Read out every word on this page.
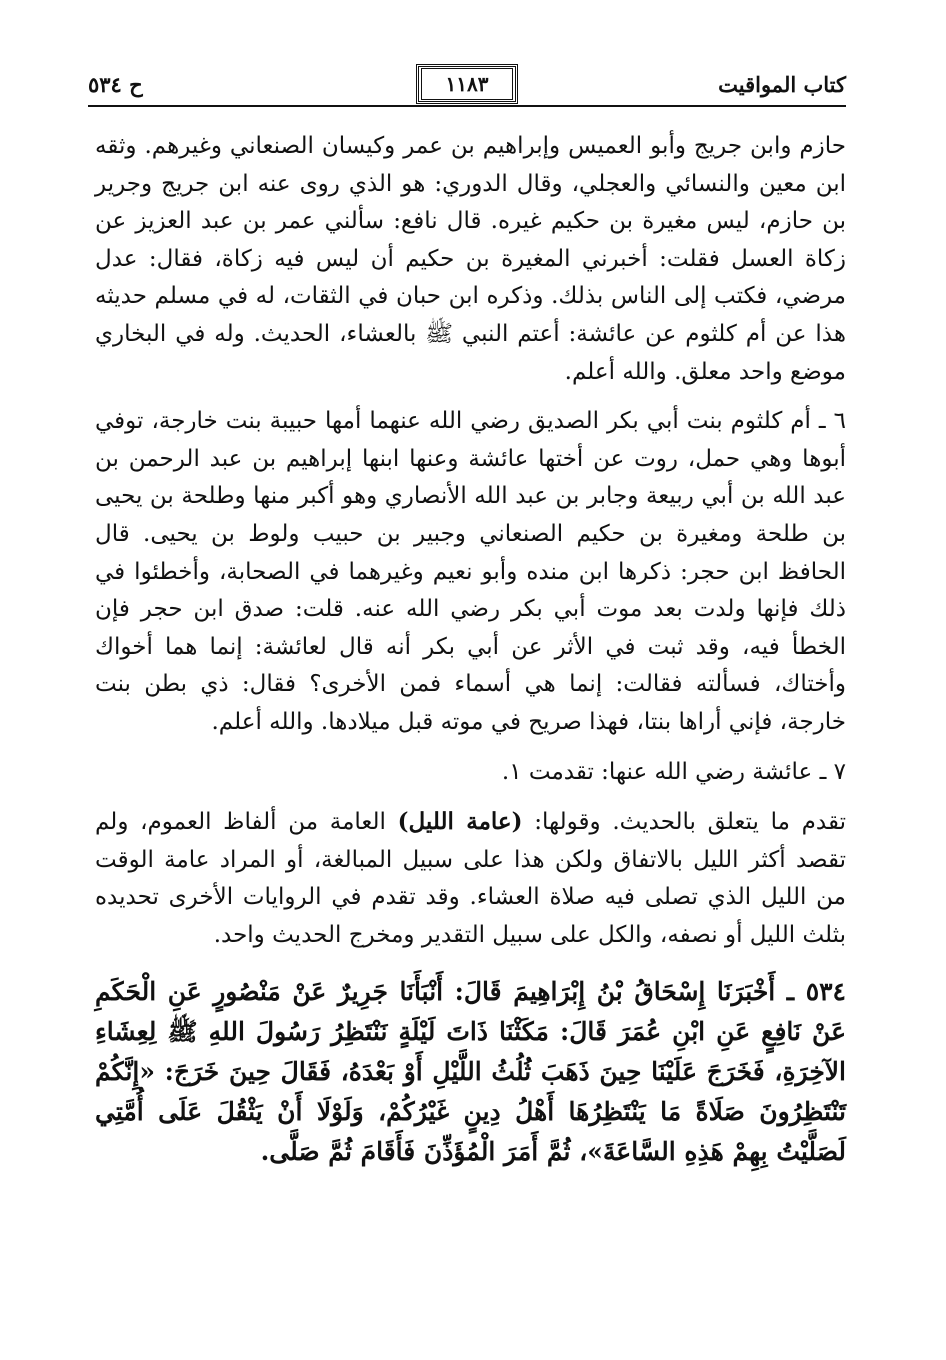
كتاب المواقيت
١١٨٣
ح ٥٣٤

حازم وابن جريج وأبو العميس وإبراهيم بن عمر وكيسان الصنعاني وغيرهم. وثقه ابن معين والنسائي والعجلي، وقال الدوري: هو الذي روى عنه ابن جريج وجرير بن حازم، ليس مغيرة بن حكيم غيره. قال نافع: سألني عمر بن عبد العزيز عن زكاة العسل فقلت: أخبرني المغيرة بن حكيم أن ليس فيه زكاة، فقال: عدل مرضي، فكتب إلى الناس بذلك. وذكره ابن حبان في الثقات، له في مسلم حديثه هذا عن أم كلثوم عن عائشة: أعتم النبي ﷺ بالعشاء، الحديث. وله في البخاري موضع واحد معلق. والله أعلم.

٦ ـ أم كلثوم بنت أبي بكر الصديق رضي الله عنهما أمها حبيبة بنت خارجة، توفي أبوها وهي حمل، روت عن أختها عائشة وعنها ابنها إبراهيم بن عبد الرحمن بن عبد الله بن أبي ربيعة وجابر بن عبد الله الأنصاري وهو أكبر منها وطلحة بن يحيى بن طلحة ومغيرة بن حكيم الصنعاني وجبير بن حبيب ولوط بن يحيى. قال الحافظ ابن حجر: ذكرها ابن منده وأبو نعيم وغيرهما في الصحابة، وأخطئوا في ذلك فإنها ولدت بعد موت أبي بكر رضي الله عنه. قلت: صدق ابن حجر فإن الخطأ فيه، وقد ثبت في الأثر عن أبي بكر أنه قال لعائشة: إنما هما أخواك وأختاك، فسألته فقالت: إنما هي أسماء فمن الأخرى؟ فقال: ذي بطن بنت خارجة، فإني أراها بنتا، فهذا صريح في موته قبل ميلادها. والله أعلم.

٧ ـ عائشة رضي الله عنها: تقدمت ١.

تقدم ما يتعلق بالحديث. وقولها: (عامة الليل) العامة من ألفاظ العموم، ولم تقصد أكثر الليل بالاتفاق ولكن هذا على سبيل المبالغة، أو المراد عامة الوقت من الليل الذي تصلى فيه صلاة العشاء. وقد تقدم في الروايات الأخرى تحديده بثلث الليل أو نصفه، والكل على سبيل التقدير ومخرج الحديث واحد.

٥٣٤ ـ أَخْبَرَنَا إِسْحَاقُ بْنُ إِبْرَاهِيمَ قَالَ: أَنْبَأَنَا جَرِيرٌ عَنْ مَنْصُورٍ عَنِ الْحَكَمِ عَنْ نَافِعٍ عَنِ ابْنِ عُمَرَ قَالَ: مَكَثْنَا ذَاتَ لَيْلَةٍ نَنْتَظِرُ رَسُولَ اللهِ ﷺ لِعِشَاءِ الآخِرَةِ، فَخَرَجَ عَلَيْنَا حِينَ ذَهَبَ ثُلُثُ اللَّيْلِ أَوْ بَعْدَهُ، فَقَالَ حِينَ خَرَجَ: «إِنَّكُمْ تَنْتَظِرُونَ صَلَاةً مَا يَنْتَظِرُهَا أَهْلُ دِينٍ غَيْرُكُمْ، وَلَوْلَا أَنْ يَثْقُلَ عَلَى أُمَّتِي لَصَلَّيْتُ بِهِمْ هَذِهِ السَّاعَةَ»، ثُمَّ أَمَرَ الْمُؤَذِّنَ فَأَقَامَ ثُمَّ صَلَّى.
